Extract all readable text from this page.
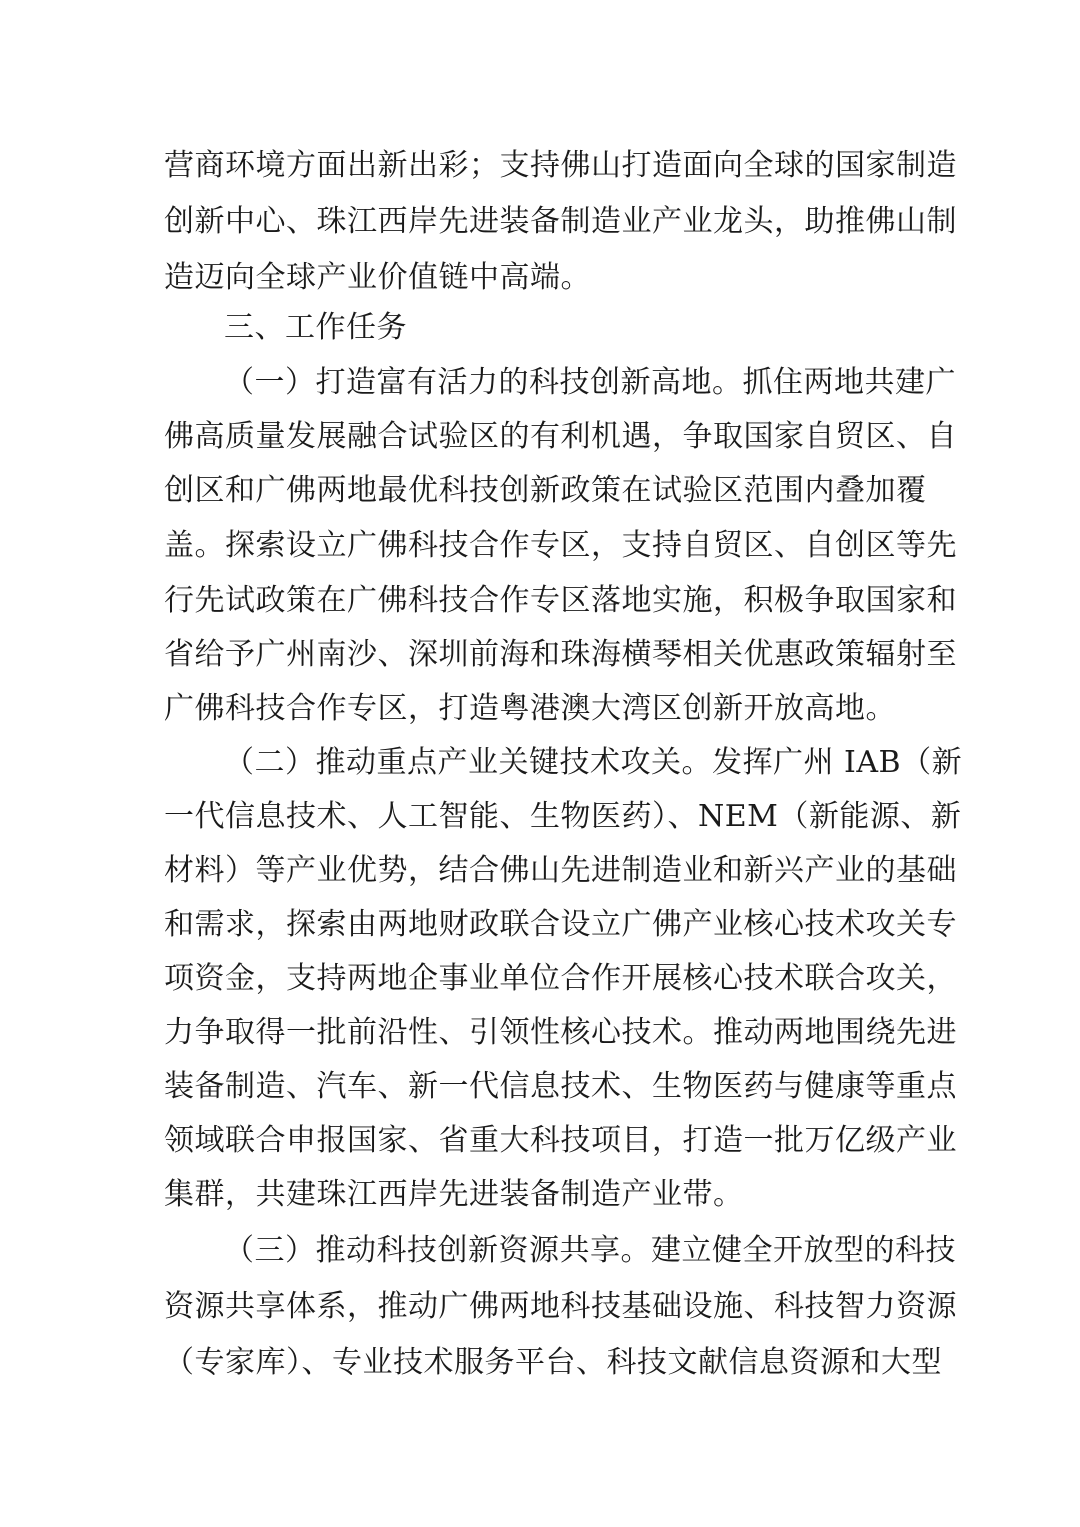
营商环境方面出新出彩；支持佛山打造面向全球的国家制造
创新中心、珠江西岸先进装备制造业产业龙头，助推佛山制
造迈向全球产业价值链中高端。
三、工作任务
（一）打造富有活力的科技创新高地。抓住两地共建广
佛高质量发展融合试验区的有利机遇，争取国家自贸区、自
创区和广佛两地最优科技创新政策在试验区范围内叠加覆
盖。探索设立广佛科技合作专区，支持自贸区、自创区等先
行先试政策在广佛科技合作专区落地实施，积极争取国家和
省给予广州南沙、深圳前海和珠海横琴相关优惠政策辐射至
广佛科技合作专区，打造粤港澳大湾区创新开放高地。
（二）推动重点产业关键技术攻关。发挥广州 IAB（新
一代信息技术、人工智能、生物医药）、NEM（新能源、新
材料）等产业优势，结合佛山先进制造业和新兴产业的基础
和需求，探索由两地财政联合设立广佛产业核心技术攻关专
项资金，支持两地企事业单位合作开展核心技术联合攻关，
力争取得一批前沿性、引领性核心技术。推动两地围绕先进
装备制造、汽车、新一代信息技术、生物医药与健康等重点
领域联合申报国家、省重大科技项目，打造一批万亿级产业
集群，共建珠江西岸先进装备制造产业带。
（三）推动科技创新资源共享。建立健全开放型的科技
资源共享体系，推动广佛两地科技基础设施、科技智力资源
（专家库）、专业技术服务平台、科技文献信息资源和大型
